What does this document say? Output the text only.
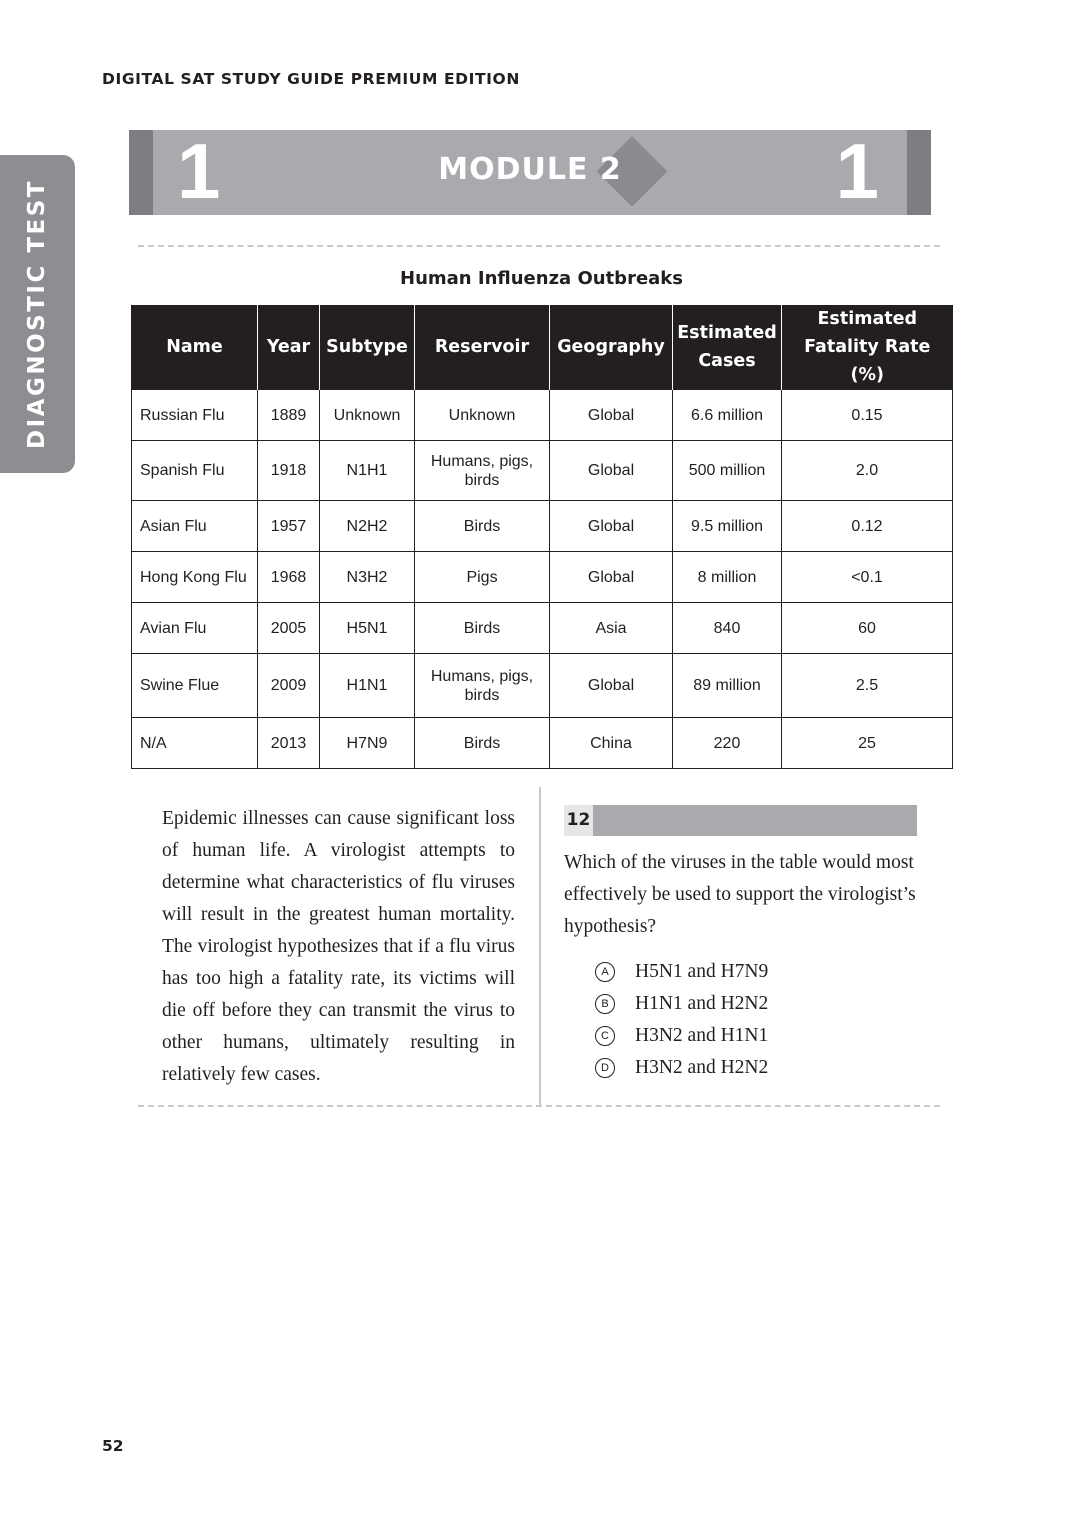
DIGITAL SAT STUDY GUIDE PREMIUM EDITION
DIAGNOSTIC TEST
1	MODULE 2	1
Human Influenza Outbreaks
Name	Year	Subtype	Reservoir	Geography	Estimated Cases	Estimated Fatality Rate (%)
Russian Flu	1889	Unknown	Unknown	Global	6.6 million	0.15
Spanish Flu	1918	N1H1	Humans, pigs, birds	Global	500 million	2.0
Asian Flu	1957	N2H2	Birds	Global	9.5 million	0.12
Hong Kong Flu	1968	N3H2	Pigs	Global	8 million	<0.1
Avian Flu	2005	H5N1	Birds	Asia	840	60
Swine Flue	2009	H1N1	Humans, pigs, birds	Global	89 million	2.5
N/A	2013	H7N9	Birds	China	220	25
Epidemic illnesses can cause significant loss of human life. A virologist attempts to determine what characteristics of flu viruses will result in the greatest human mortality. The virologist hypothesizes that if a flu virus has too high a fatality rate, its victims will die off before they can transmit the virus to other humans, ultimately resulting in relatively few cases.
12
Which of the viruses in the table would most effectively be used to support the virologist’s hypothesis?
A	H5N1 and H7N9
B	H1N1 and H2N2
C	H3N2 and H1N1
D	H3N2 and H2N2
52
